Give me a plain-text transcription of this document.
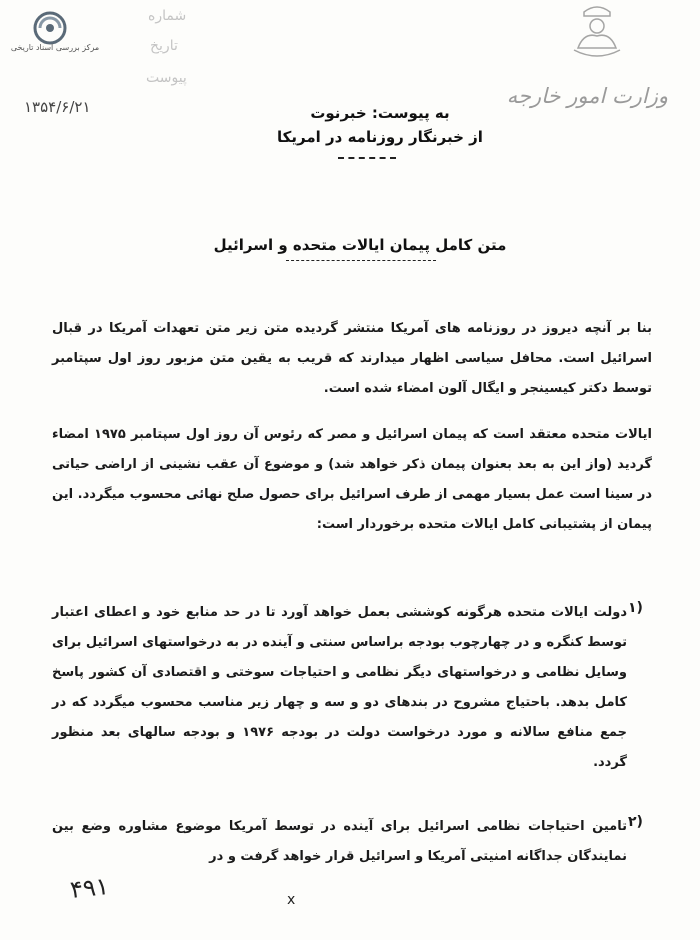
مرکز بررسی اسناد تاریخی
وزارت امور خارجه
شماره
تاریخ
پیوست
۱۳۵۴/۶/۲۱	به پیوست: خبرنوت
از خبرنگار روزنامه در امریکا
متن کامل پیمان ایالات متحده و اسرائیل
بنا بر آنچه دیروز در روزنامه های آمریکا منتشر گردیده متن زیر متن تعهدات آمریکا در قبال اسرائیل است. محافل سیاسی اظهار میدارند که قریب به یقین متن مزبور روز اول سپتامبر توسط دکتر کیسینجر و ایگال آلون امضاء شده است.
ایالات متحده معتقد است که پیمان اسرائیل و مصر که رئوس آن روز اول سپتامبر ۱۹۷۵ امضاء گردید (واز این به بعد بعنوان پیمان ذکر خواهد شد) و موضوع آن عقب نشینی از اراضی حیاتی در سینا است عمل بسیار مهمی از طرف اسرائیل برای حصول صلح نهائی محسوب میگردد. این پیمان از پشتیبانی کامل ایالات متحده برخوردار است:
۱)
دولت ایالات متحده هرگونه کوششی بعمل خواهد آورد تا در حد منابع خود و اعطای اعتبار توسط کنگره و در چهارچوب بودجه براساس سنتی و آینده در به درخواستهای اسرائیل برای وسایل نظامی و درخواستهای دیگر نظامی و احتیاجات سوختی و اقتصادی آن کشور پاسخ کامل بدهد. باحتیاج مشروح در بندهای دو و سه و چهار زیر مناسب محسوب میگردد که در جمع منافع سالانه و مورد درخواست دولت در بودجه ۱۹۷۶ و بودجه سالهای بعد منظور گردد.
۲)
تامین احتیاجات نظامی اسرائیل برای آینده در توسط آمریکا موضوع مشاوره وضع بین نمایندگان جداگانه امنیتی آمریکا و اسرائیل قرار خواهد گرفت و در
۴۹۱	x
